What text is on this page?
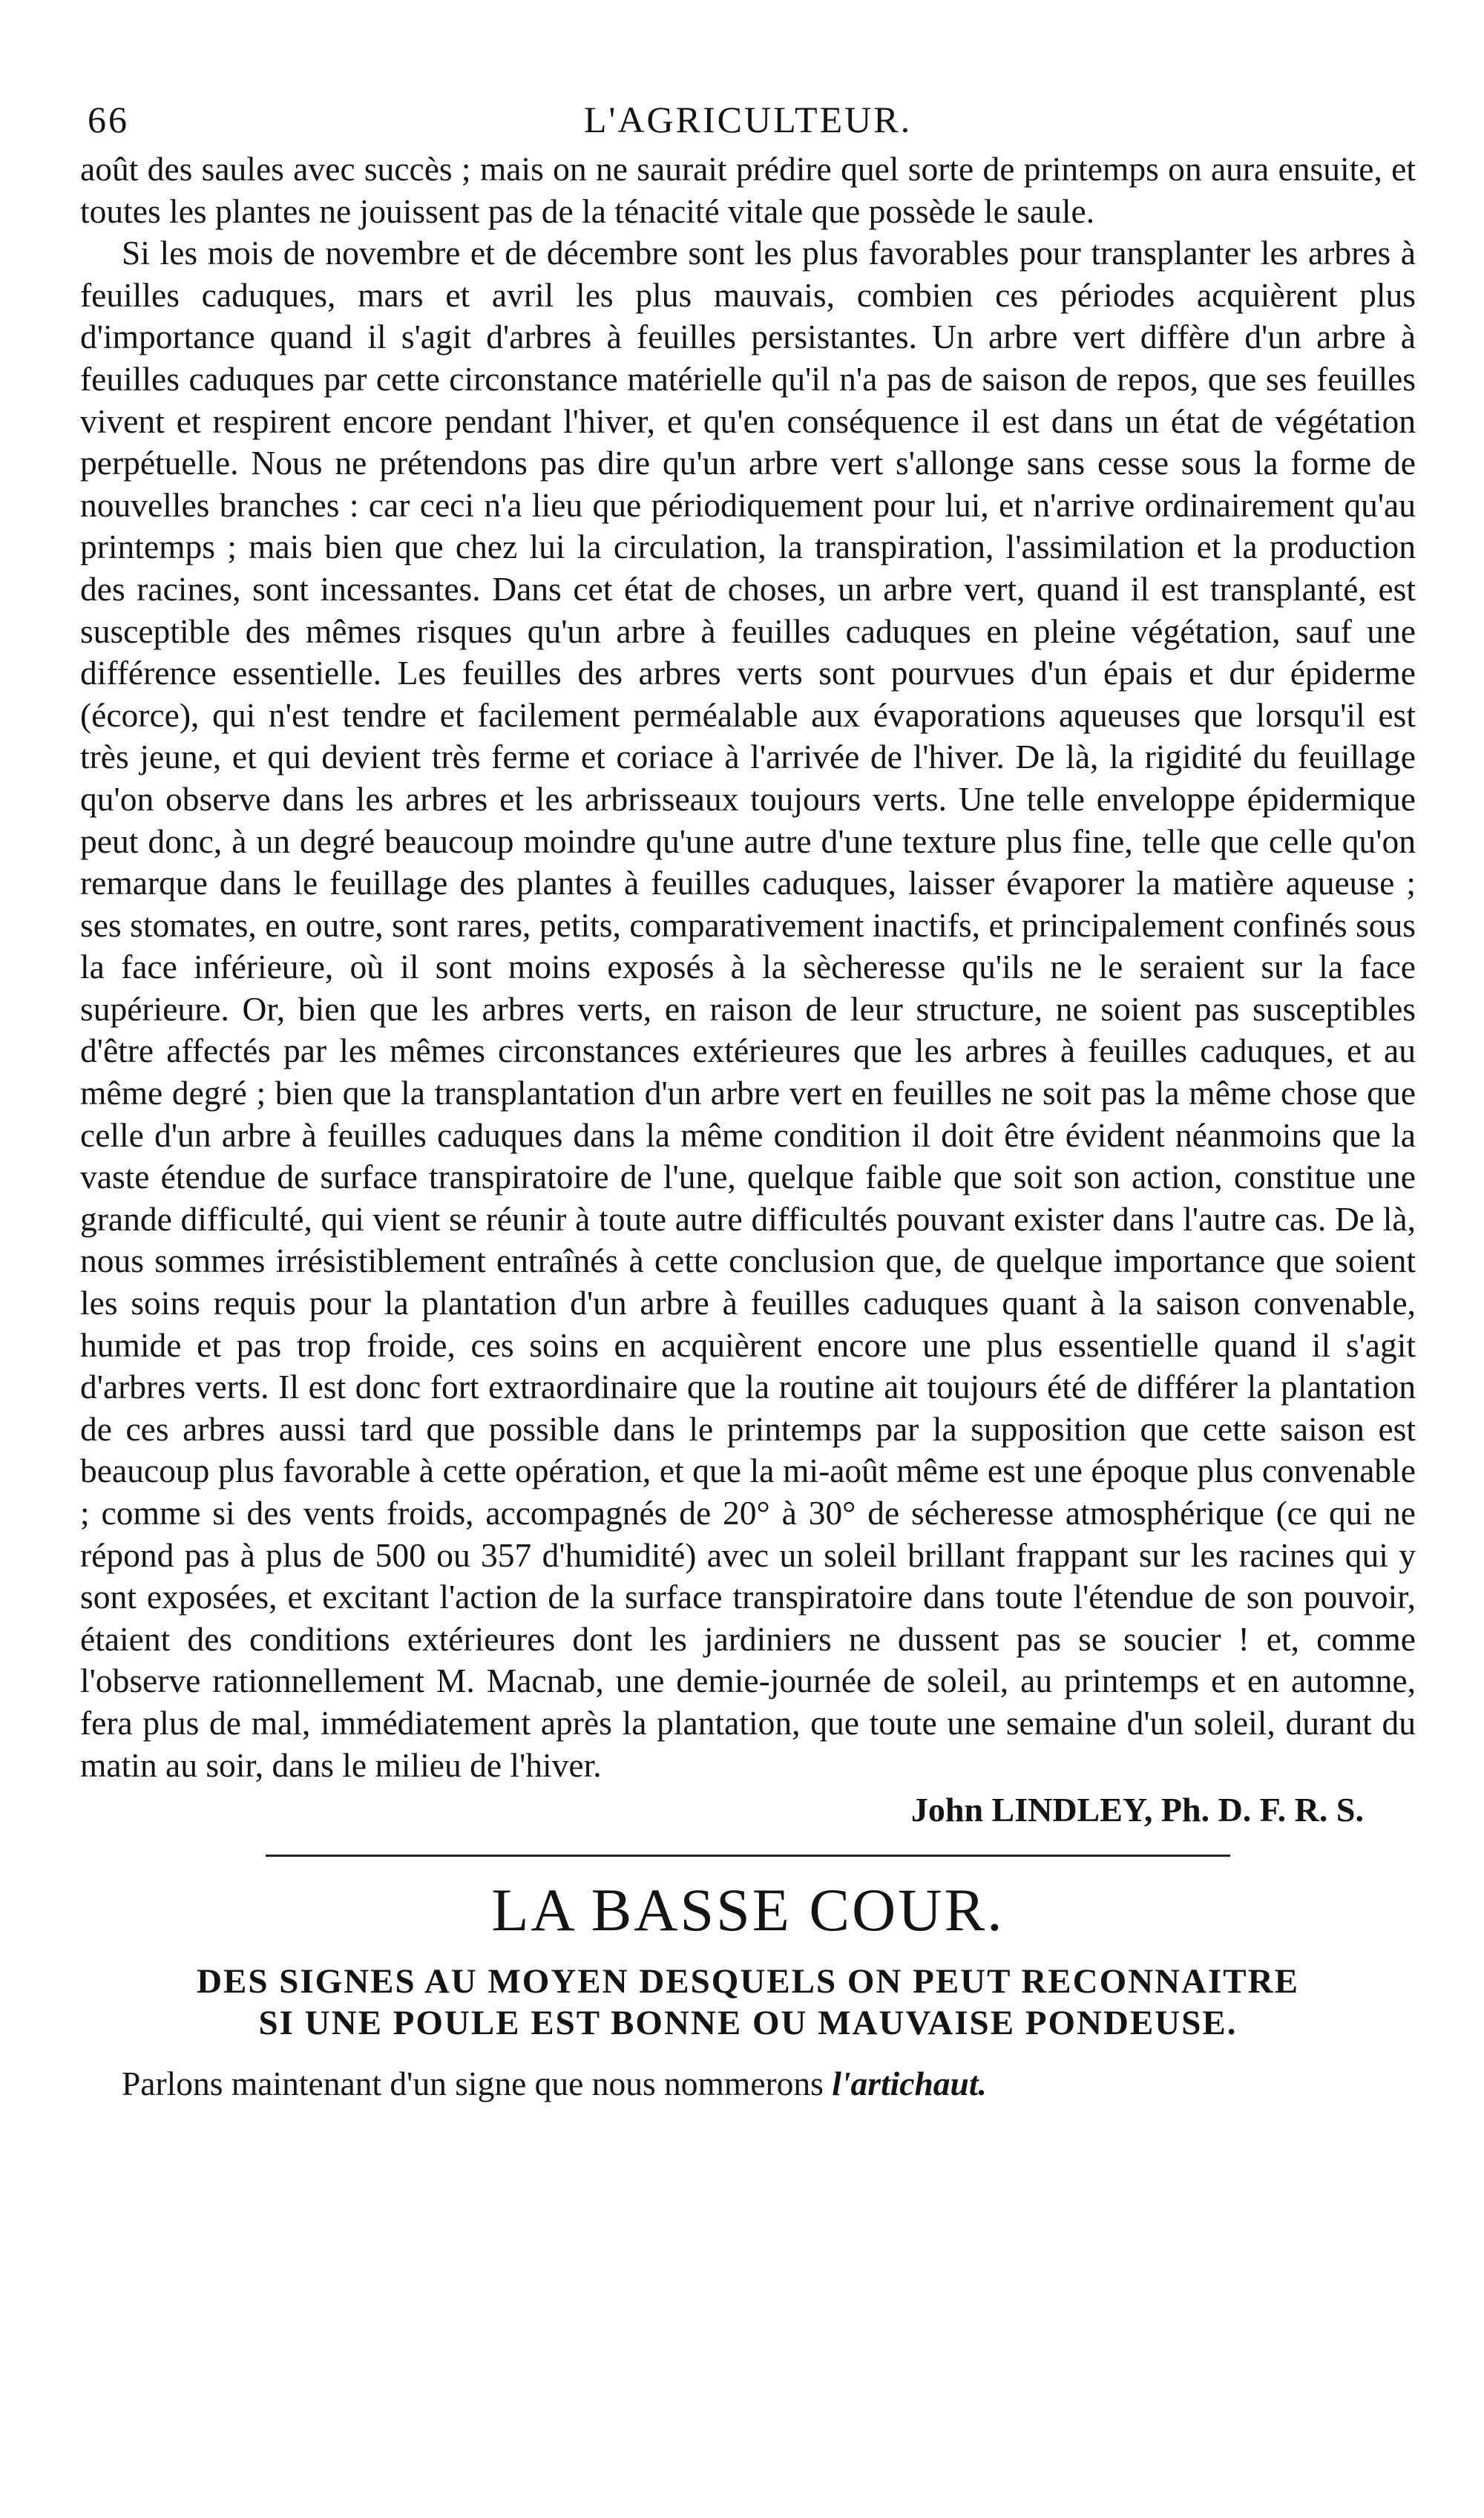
66	L'AGRICULTEUR.

août des saules avec succès ; mais on ne saurait prédire quel sorte de printemps on aura ensuite, et toutes les plantes ne jouissent pas de la ténacité vitale que possède le saule.

Si les mois de novembre et de décembre sont les plus favorables pour transplanter les arbres à feuilles caduques, mars et avril les plus mauvais, combien ces périodes acquièrent plus d'importance quand il s'agit d'arbres à feuilles persistantes. Un arbre vert diffère d'un arbre à feuilles caduques par cette circonstance matérielle qu'il n'a pas de saison de repos, que ses feuilles vivent et respirent encore pendant l'hiver, et qu'en conséquence il est dans un état de végétation perpétuelle. Nous ne prétendons pas dire qu'un arbre vert s'allonge sans cesse sous la forme de nouvelles branches : car ceci n'a lieu que périodiquement pour lui, et n'arrive ordinairement qu'au printemps ; mais bien que chez lui la circulation, la transpiration, l'assimilation et la production des racines, sont incessantes. Dans cet état de choses, un arbre vert, quand il est transplanté, est susceptible des mêmes risques qu'un arbre à feuilles caduques en pleine végétation, sauf une différence essentielle. Les feuilles des arbres verts sont pourvues d'un épais et dur épiderme (écorce), qui n'est tendre et facilement perméalable aux évaporations aqueuses que lorsqu'il est très jeune, et qui devient très ferme et coriace à l'arrivée de l'hiver. De là, la rigidité du feuillage qu'on observe dans les arbres et les arbrisseaux toujours verts. Une telle enveloppe épidermique peut donc, à un degré beaucoup moindre qu'une autre d'une texture plus fine, telle que celle qu'on remarque dans le feuillage des plantes à feuilles caduques, laisser évaporer la matière aqueuse ; ses stomates, en outre, sont rares, petits, comparativement inactifs, et principalement confinés sous la face inférieure, où il sont moins exposés à la sècheresse qu'ils ne le seraient sur la face supérieure. Or, bien que les arbres verts, en raison de leur structure, ne soient pas susceptibles d'être affectés par les mêmes circonstances extérieures que les arbres à feuilles caduques, et au même degré ; bien que la transplantation d'un arbre vert en feuilles ne soit pas la même chose que celle d'un arbre à feuilles caduques dans la même condition il doit être évident néanmoins que la vaste étendue de surface transpiratoire de l'une, quelque faible que soit son action, constitue une grande difficulté, qui vient se réunir à toute autre difficultés pouvant exister dans l'autre cas. De là, nous sommes irrésistiblement entraînés à cette conclusion que, de quelque importance que soient les soins requis pour la plantation d'un arbre à feuilles caduques quant à la saison convenable, humide et pas trop froide, ces soins en acquièrent encore une plus essentielle quand il s'agit d'arbres verts. Il est donc fort extraordinaire que la routine ait toujours été de différer la plantation de ces arbres aussi tard que possible dans le printemps par la supposition que cette saison est beaucoup plus favorable à cette opération, et que la mi-août même est une époque plus convenable ; comme si des vents froids, accompagnés de 20° à 30° de sécheresse atmosphérique (ce qui ne répond pas à plus de 500 ou 357 d'humidité) avec un soleil brillant frappant sur les racines qui y sont exposées, et excitant l'action de la surface transpiratoire dans toute l'étendue de son pouvoir, étaient des conditions extérieures dont les jardiniers ne dussent pas se soucier ! et, comme l'observe rationnellement M. Macnab, une demie-journée de soleil, au printemps et en automne, fera plus de mal, immédiatement après la plantation, que toute une semaine d'un soleil, durant du matin au soir, dans le milieu de l'hiver.

John LINDLEY, Ph. D. F. R. S.
LA BASSE COUR.
DES SIGNES AU MOYEN DESQUELS ON PEUT RECONNAITRE
SI UNE POULE EST BONNE OU MAUVAISE PONDEUSE.
Parlons maintenant d'un signe que nous nommerons l'artichaut.
